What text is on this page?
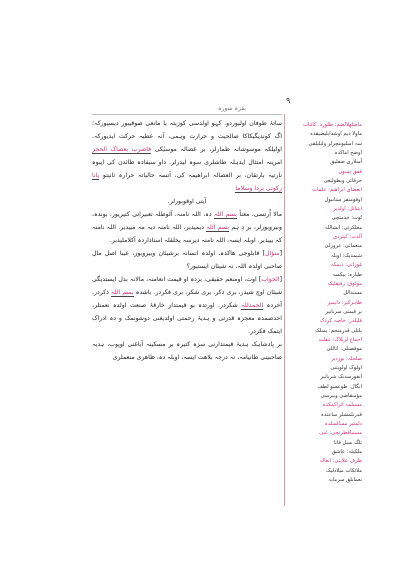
٩
بقرہ سورہ

ساتۂ طوفان اولیوردو. کہو اولدسی کوزیتہ یا مانعی صوقیبور دیسیورکہ؛ اگ کوندیگیکاکا صالحیت و حرارت وہمی، آنہ عطیہ حرکت ایدیورکہ. اولیلکہ موسوشانہ طمارلر، بر عصالہ موسیٰکی فاضرب بعصاک الحجر امرینہ امتثال ایدہلہ طاشلری سوہ لیدرلر. داو سیفادہ ظائدن کی اپیوہ نارتیہ بارتقان، بر العصالہ ابراھیمہ کی، آتسہ حالیاتہ حرارہ ثانیتو یانا رکونی بردا وسلاما

آیتی اوقوبورلر.

مالا اُرتسی، معنأ بسم اللہ دہ، اللہ نامنہ، آلوطلہ تعبیراتی کتیریور. بوندہ، وبیروبورلر، بر دِ ہم بسم اللہ دیمیدیر، اللہ نامنہ دیہ مہ مییدیر. اللہ نامنہ کہ بییدیر. اوبلہ ایسہ، اللہ نامنہ دیرسہ یخلقلہ استاداردہ آکلاملیدیر.

[سؤال] قابلوجی ھاکدہ، اولدہ انسانہ برشیئان وبیروبوز، عیبا اصل مال صاحبی اولدہ اللہ، نہ شیئان ایستیور؟

[الجواب] اوت، اومنعم حقیقی، بزدہ او قیمت انعامنہ، مالانہ بدل ایستدیگی شیئان اوچ شیدر، بری ذکر، بری شکر، بری فکردر. باشدہ بسم اللہ ذکردر. آخردہ الحمدللہ شکردر. اورتدہ بو قیمتدار خارقۂ صنعت اولدہ نعمتلر، احدصمدہ معجزہ قدرتی و ہدیۂ رحمتی اولدیغنی دوشونمک و دہ ادراک ایتمک فکردر.

بر پادشاہک ہدیۂ قیمتدارنی سزہ کتیرہ بر مسکینہ آیاغنی اوپوب، ہدیہ صاحبینی طانیامہ، نہ درجہ بلاھت ایسہ، اوبلہ دہ، ظاھری منعملری

ماضلھلالضم: طلورد. کائنات
ماولا دیم اوشدابلیضیقدہ
سہ اسلیومچرلر ولنلیلقی
اوضح اماکدہ
اُسلاری صفلیق
قفق بسوں
حرقاتی وبطولیغی
انعضای ابراھیم: علمات
اوفومنقر ستانبول
ابتیاتل: اولدیر
تُوت: خدمتچی
معلکرتی: انشاللہ
آلدت: کیتردی
منعماتی: عروزلی
شیمدیک: اوبلہ
مُوزاتی: دیمکہ
طیارہ: بیکسہ
مولوق: رفیقلیک
مستدالل
ظاہرکیز: دایمیز
بر قیمتی سربانیر
قلیلدر: خاصہ کردک
بلتلی قدرمنجم: یمنلک
اجماع لریلاک: عفلت
موقصنلی: اناللی
صلحلہ: بوزدیر
اولوک اولویتنی
انفورسدنک شربانیر
انگال: طوعسو لطف
مؤمنقاضی وبیرسی
مسیلمہ اتراکمکدہ
قدرنلمشلر ساعتدہ
ذلمتیر مسالسلدہ
مسنیاقطرنجی: غنی
تلگ نسل قاتا
ملکیئہ: عاشق
ظرف علاینی: انعالہ
ملائکات میلادلیک
نعمانلق سرمایہ
